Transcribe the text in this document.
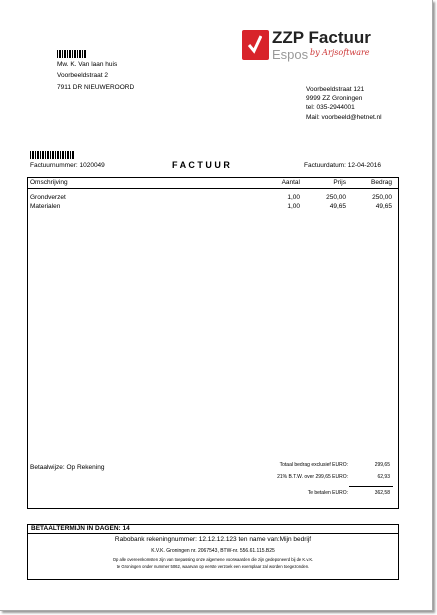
Mw. K. Van laan huis
Voorbeeldstraat 2
7911 DR NIEUWEROORD
ZZP Factuur
Espos by Arjsoftware
Voorbeeldstraat 121
9999 ZZ Groningen
tel: 035-2944001
Mail: voorbeeld@hetnet.nl
Factuurnummer: 1020049	F A C T U U R	Factuurdatum: 12-04-2016
Omschrijving	Aantal	Prijs	Bedrag
Grondverzet	1,00	250,00	250,00
Materialen	1,00	49,65	49,65
Betaalwijze: Op Rekening	Totaal bedrag exclusief EURO:	299,65
21% B.T.W. over 299,65 EURO:	62,93
Te betalen EURO:	362,58
BETAALTERMIJN IN DAGEN: 14
Rabobank rekeningnummer: 12.12.12.123 ten name van:Mijn bedrijf
K.V.K. Groningen nr. 2067543, BTW-nr. 556.61.115.B25
Op alle overeenkomsten zijn van toepassing onze algemene voorwaarden die zijn gedeponeerd bij de K.v.K.
te Groningen onder nummer 5062, waarvan op eerste verzoek een exemplaar zal worden toegezonden.
